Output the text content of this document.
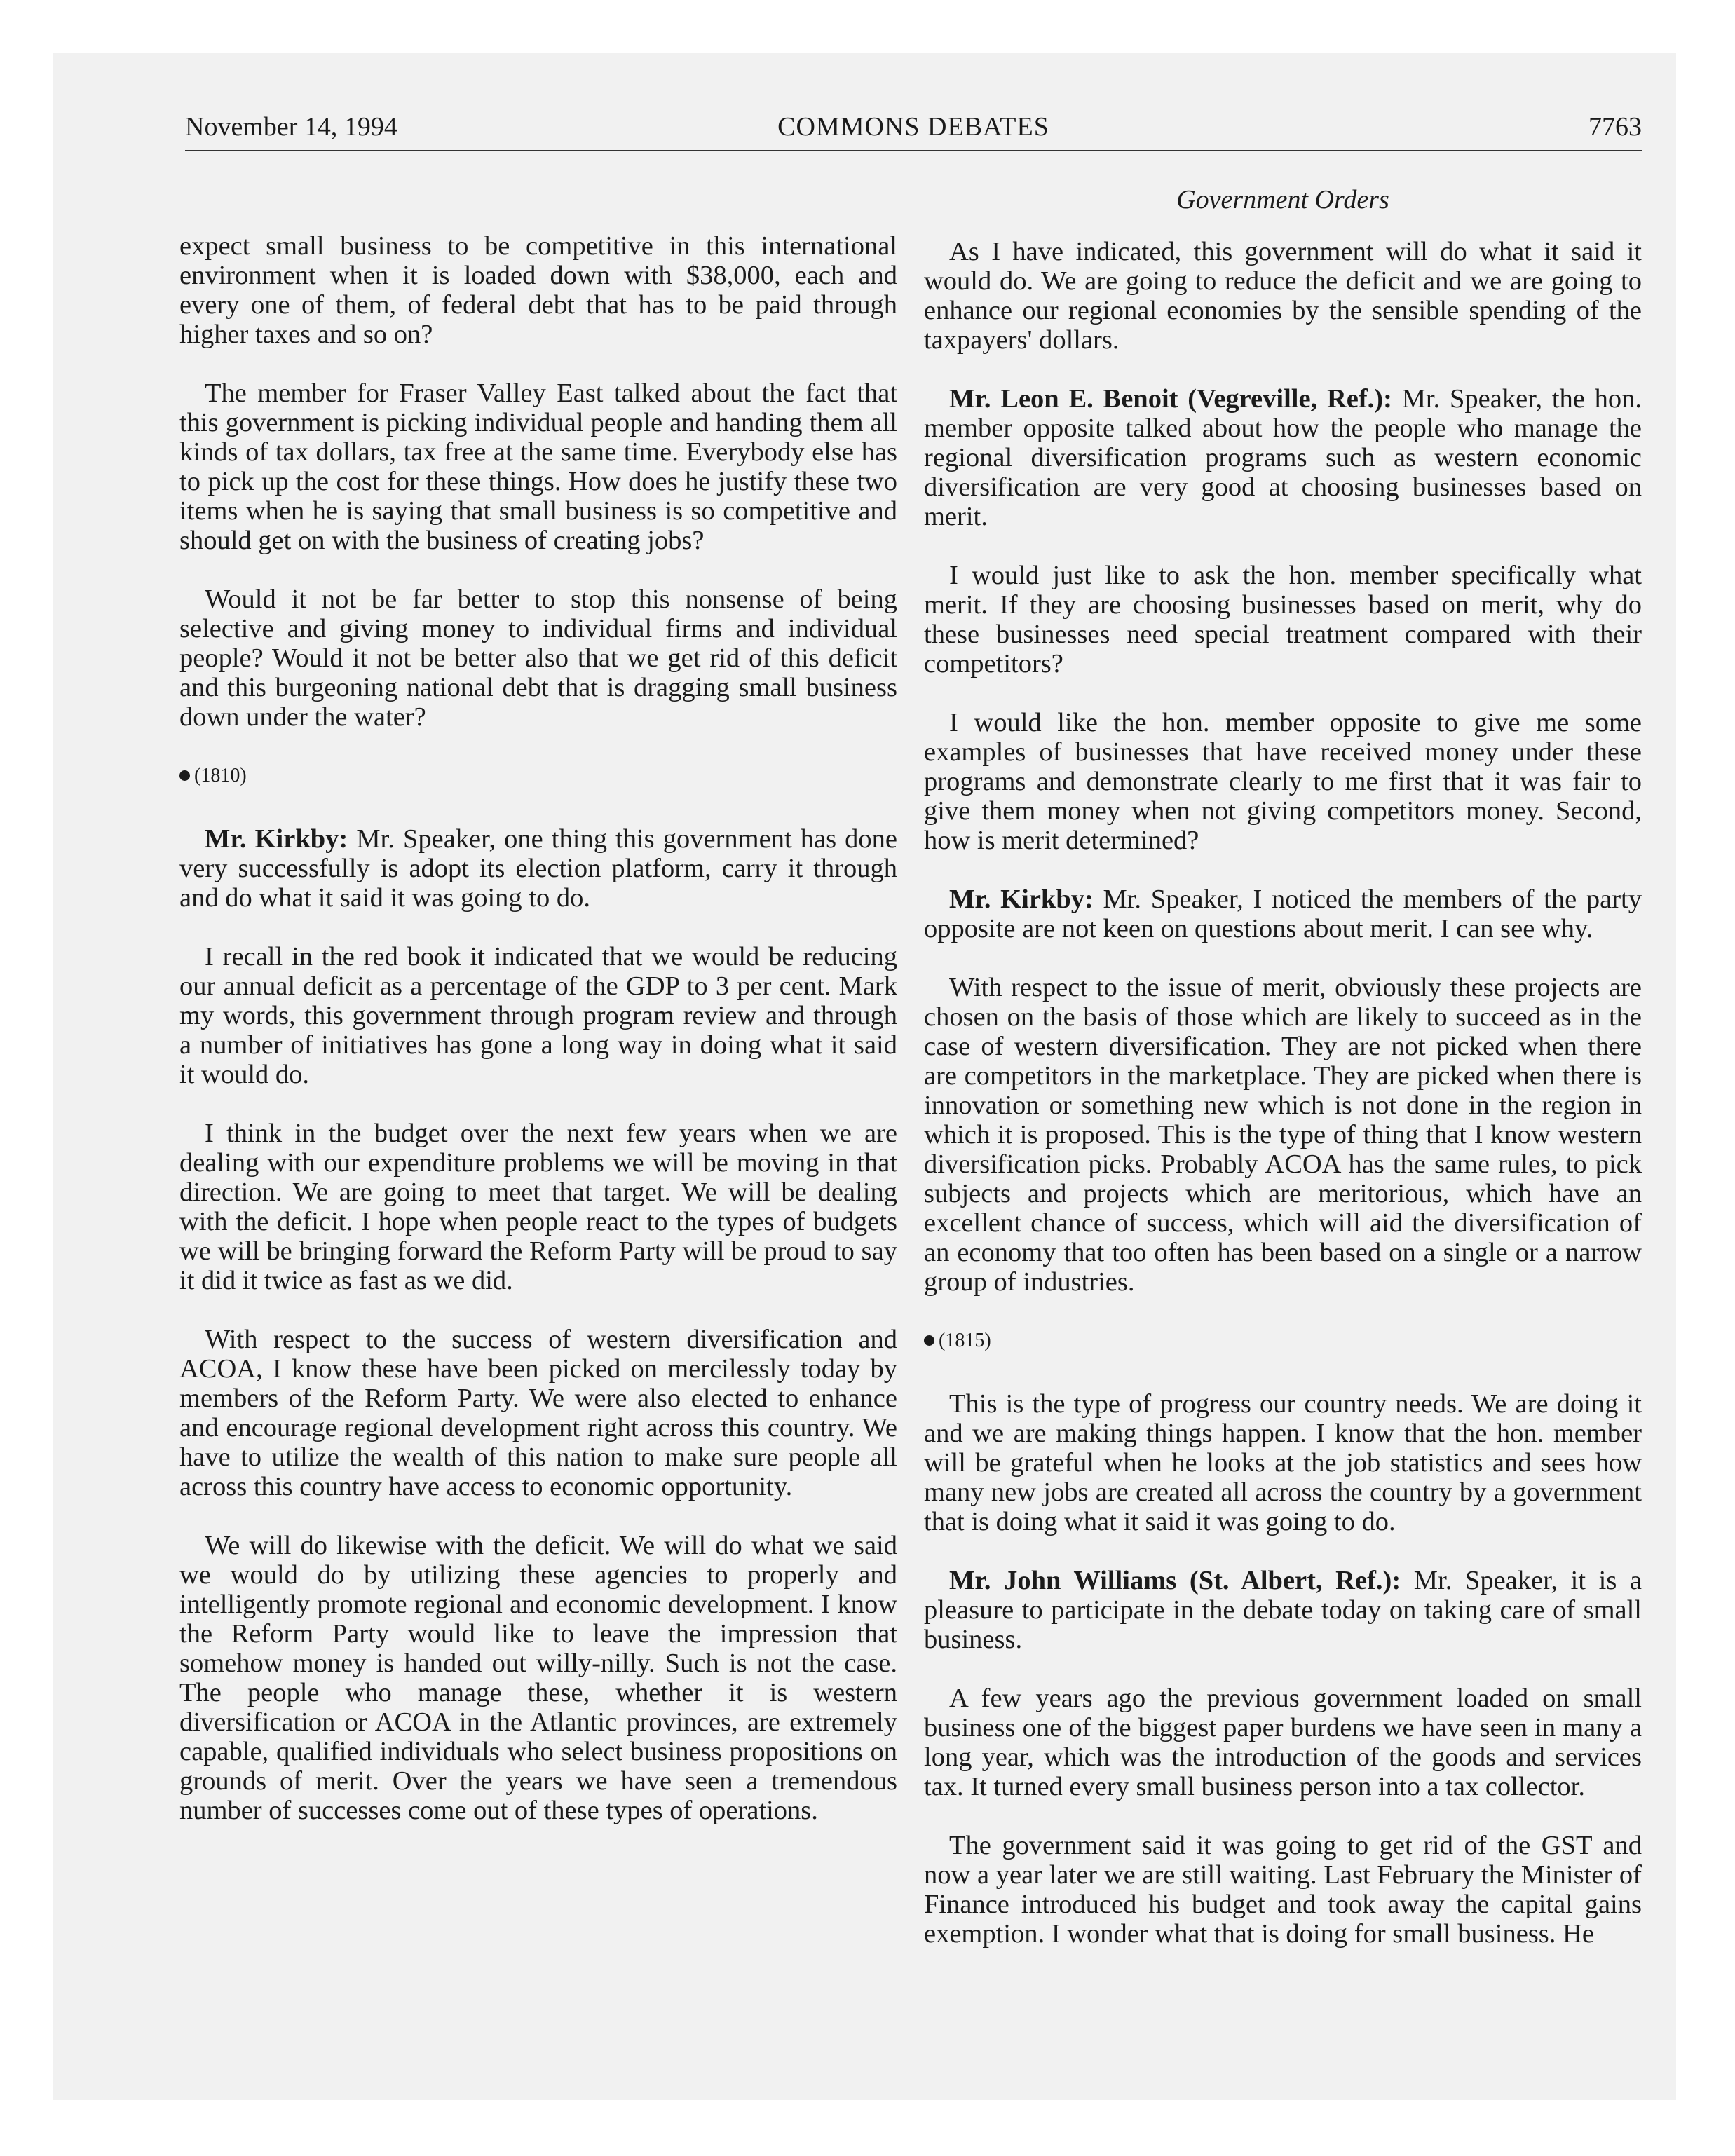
November 14, 1994	COMMONS DEBATES	7763
Government Orders

expect small business to be competitive in this international environment when it is loaded down with $38,000, each and every one of them, of federal debt that has to be paid through higher taxes and so on?

The member for Fraser Valley East talked about the fact that this government is picking individual people and handing them all kinds of tax dollars, tax free at the same time. Everybody else has to pick up the cost for these things. How does he justify these two items when he is saying that small business is so competitive and should get on with the business of creating jobs?

Would it not be far better to stop this nonsense of being selective and giving money to individual firms and individual people? Would it not be better also that we get rid of this deficit and this burgeoning national debt that is dragging small business down under the water?

(1810)

Mr. Kirkby: Mr. Speaker, one thing this government has done very successfully is adopt its election platform, carry it through and do what it said it was going to do.

I recall in the red book it indicated that we would be reducing our annual deficit as a percentage of the GDP to 3 per cent. Mark my words, this government through program review and through a number of initiatives has gone a long way in doing what it said it would do.

I think in the budget over the next few years when we are dealing with our expenditure problems we will be moving in that direction. We are going to meet that target. We will be dealing with the deficit. I hope when people react to the types of budgets we will be bringing forward the Reform Party will be proud to say it did it twice as fast as we did.

With respect to the success of western diversification and ACOA, I know these have been picked on mercilessly today by members of the Reform Party. We were also elected to enhance and encourage regional development right across this country. We have to utilize the wealth of this nation to make sure people all across this country have access to economic opportunity.

We will do likewise with the deficit. We will do what we said we would do by utilizing these agencies to properly and intelligently promote regional and economic development. I know the Reform Party would like to leave the impression that somehow money is handed out willy-nilly. Such is not the case. The people who manage these, whether it is western diversification or ACOA in the Atlantic provinces, are extremely capable, qualified individuals who select business propositions on grounds of merit. Over the years we have seen a tremendous number of successes come out of these types of operations.

As I have indicated, this government will do what it said it would do. We are going to reduce the deficit and we are going to enhance our regional economies by the sensible spending of the taxpayers' dollars.

Mr. Leon E. Benoit (Vegreville, Ref.): Mr. Speaker, the hon. member opposite talked about how the people who manage the regional diversification programs such as western economic diversification are very good at choosing businesses based on merit.

I would just like to ask the hon. member specifically what merit. If they are choosing businesses based on merit, why do these businesses need special treatment compared with their competitors?

I would like the hon. member opposite to give me some examples of businesses that have received money under these programs and demonstrate clearly to me first that it was fair to give them money when not giving competitors money. Second, how is merit determined?

Mr. Kirkby: Mr. Speaker, I noticed the members of the party opposite are not keen on questions about merit. I can see why.

With respect to the issue of merit, obviously these projects are chosen on the basis of those which are likely to succeed as in the case of western diversification. They are not picked when there are competitors in the marketplace. They are picked when there is innovation or something new which is not done in the region in which it is proposed. This is the type of thing that I know western diversification picks. Probably ACOA has the same rules, to pick subjects and projects which are meritorious, which have an excellent chance of success, which will aid the diversification of an economy that too often has been based on a single or a narrow group of industries.

(1815)

This is the type of progress our country needs. We are doing it and we are making things happen. I know that the hon. member will be grateful when he looks at the job statistics and sees how many new jobs are created all across the country by a government that is doing what it said it was going to do.

Mr. John Williams (St. Albert, Ref.): Mr. Speaker, it is a pleasure to participate in the debate today on taking care of small business.

A few years ago the previous government loaded on small business one of the biggest paper burdens we have seen in many a long year, which was the introduction of the goods and services tax. It turned every small business person into a tax collector.

The government said it was going to get rid of the GST and now a year later we are still waiting. Last February the Minister of Finance introduced his budget and took away the capital gains exemption. I wonder what that is doing for small business. He
